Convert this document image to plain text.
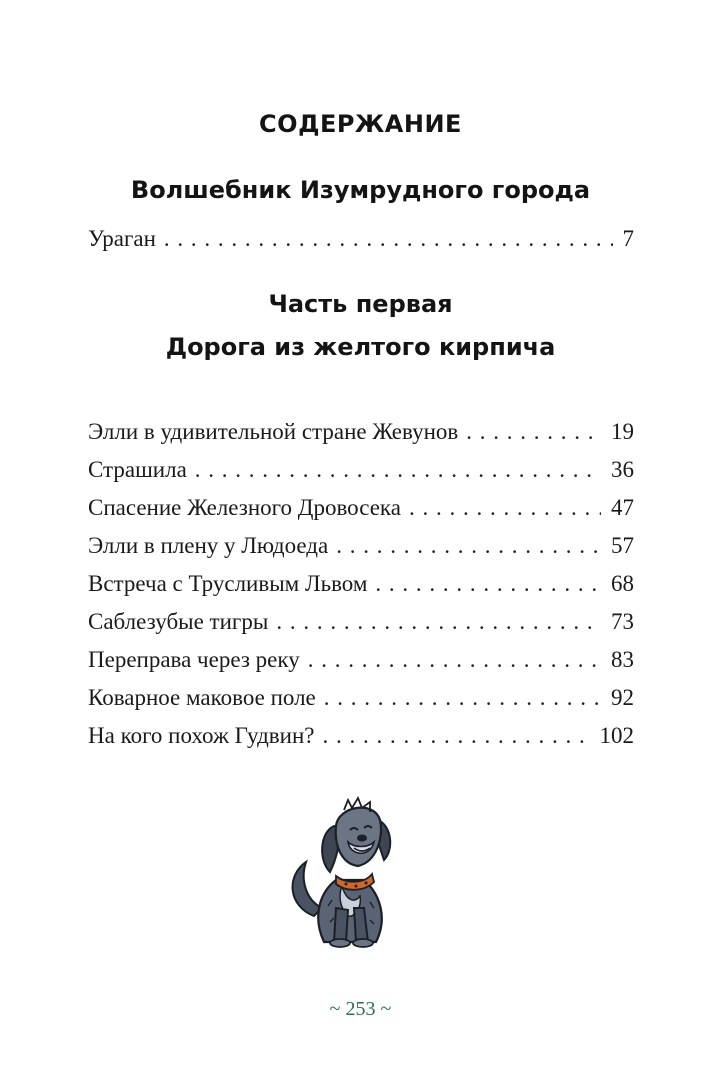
СОДЕРЖАНИЕ
Волшебник Изумрудного города
Ураган . . .	7
Часть первая
Дорога из желтого кирпича
Элли в удивительной стране Жевунов . . .	19
Страшила . . .	36
Спасение Железного Дровосека . . .	47
Элли в плену у Людоеда . . .	57
Встреча с Трусливым Львом . . .	68
Саблезубые тигры . . .	73
Переправа через реку . . .	83
Коварное маковое поле . . .	92
На кого похож Гудвин? . . .	102
~ 253 ~
